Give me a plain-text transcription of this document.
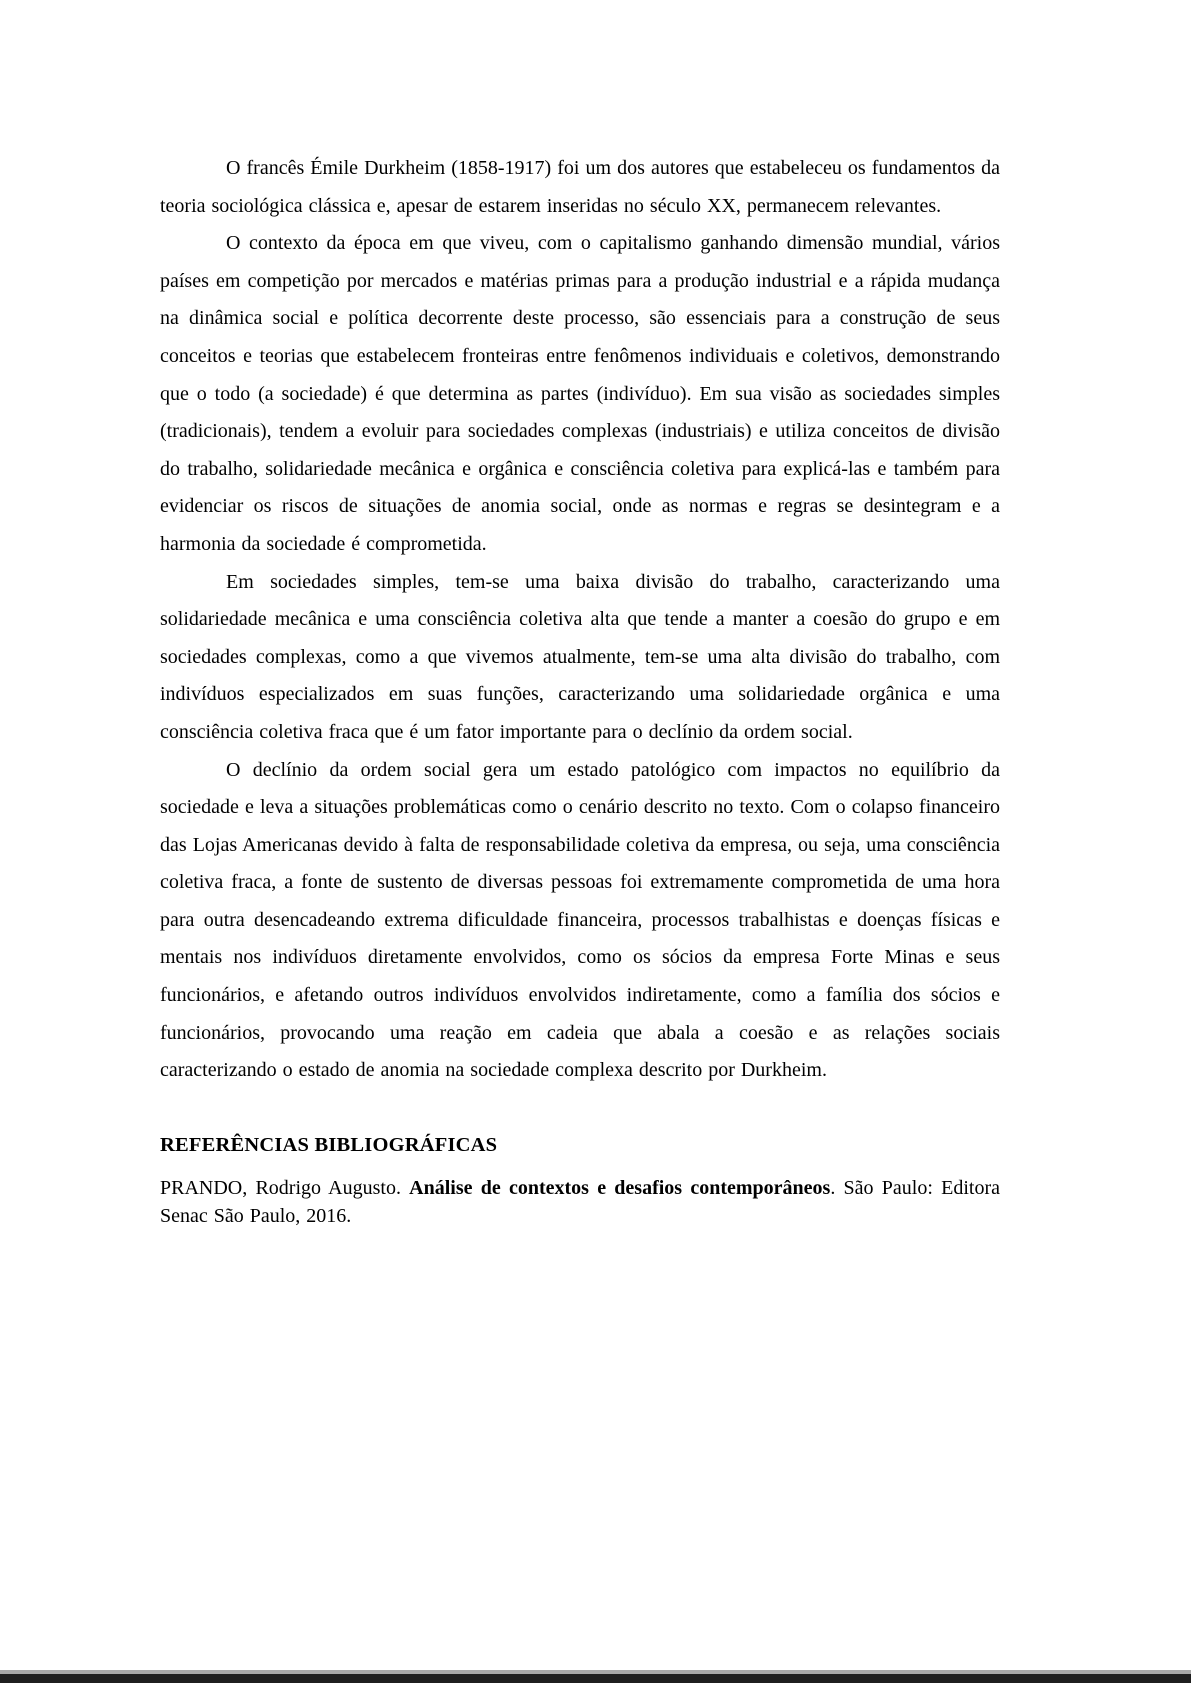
O francês Émile Durkheim (1858-1917) foi um dos autores que estabeleceu os fundamentos da teoria sociológica clássica e, apesar de estarem inseridas no século XX, permanecem relevantes.

O contexto da época em que viveu, com o capitalismo ganhando dimensão mundial, vários países em competição por mercados e matérias primas para a produção industrial e a rápida mudança na dinâmica social e política decorrente deste processo, são essenciais para a construção de seus conceitos e teorias que estabelecem fronteiras entre fenômenos individuais e coletivos, demonstrando que o todo (a sociedade) é que determina as partes (indivíduo). Em sua visão as sociedades simples (tradicionais), tendem a evoluir para sociedades complexas (industriais) e utiliza conceitos de divisão do trabalho, solidariedade mecânica e orgânica e consciência coletiva para explicá-las e também para evidenciar os riscos de situações de anomia social, onde as normas e regras se desintegram e a harmonia da sociedade é comprometida.

Em sociedades simples, tem-se uma baixa divisão do trabalho, caracterizando uma solidariedade mecânica e uma consciência coletiva alta que tende a manter a coesão do grupo e em sociedades complexas, como a que vivemos atualmente, tem-se uma alta divisão do trabalho, com indivíduos especializados em suas funções, caracterizando uma solidariedade orgânica e uma consciência coletiva fraca que é um fator importante para o declínio da ordem social.

O declínio da ordem social gera um estado patológico com impactos no equilíbrio da sociedade e leva a situações problemáticas como o cenário descrito no texto. Com o colapso financeiro das Lojas Americanas devido à falta de responsabilidade coletiva da empresa, ou seja, uma consciência coletiva fraca, a fonte de sustento de diversas pessoas foi extremamente comprometida de uma hora para outra desencadeando extrema dificuldade financeira, processos trabalhistas e doenças físicas e mentais nos indivíduos diretamente envolvidos, como os sócios da empresa Forte Minas e seus funcionários, e afetando outros indivíduos envolvidos indiretamente, como a família dos sócios e funcionários, provocando uma reação em cadeia que abala a coesão e as relações sociais caracterizando o estado de anomia na sociedade complexa descrito por Durkheim.

REFERÊNCIAS BIBLIOGRÁFICAS

PRANDO, Rodrigo Augusto. Análise de contextos e desafios contemporâneos. São Paulo: Editora Senac São Paulo, 2016.
